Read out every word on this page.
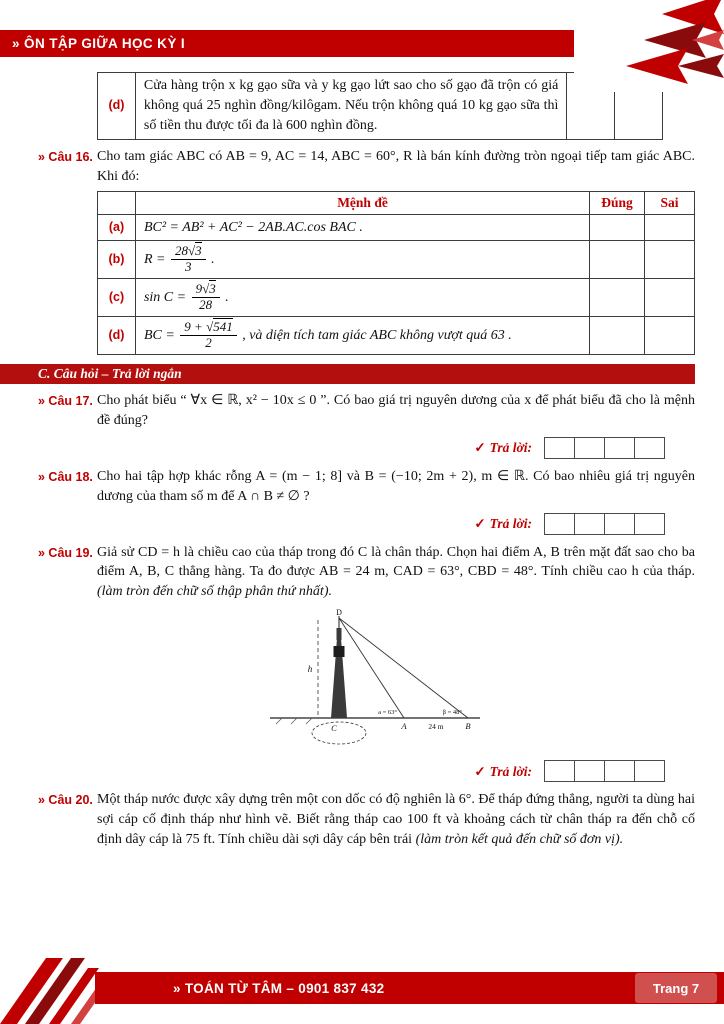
» ÔN TẬP GIỮA HỌC KỲ I
(d)	Cửa hàng trộn x kg gạo sữa và y kg gạo lứt sao cho số gạo đã trộn có giá không quá 25 nghìn đồng/kilôgam. Nếu trộn không quá 10 kg gạo sữa thì số tiền thu được tối đa là 600 nghìn đồng.		
» Câu 16. Cho tam giác ABC có AB = 9, AC = 14, ABC = 60°, R là bán kính đường tròn ngoại tiếp tam giác ABC. Khi đó:

	Mệnh đề	Đúng	Sai
(a)	BC² = AB² + AC² − 2AB.AC.cos BAC .		
(b)	$R = \frac{28 √ 3}{3}$ .		
(c)	$\sin C = \frac{9 √ 3}{28}$ .		
(d)	BC = $\frac{9 + √ 541}{2}$ , và diện tích tam giác ABC không vượt quá 63 .		
C. Câu hỏi – Trả lời ngắn
» Câu 17. Cho phát biểu “ ∀x ∈ ℝ, x² − 10x ≤ 0 ”. Có bao giá trị nguyên dương của x để phát biểu đã cho là mệnh đề đúng?

✓ Trả lời:
» Câu 18. Cho hai tập hợp khác rỗng A = (m − 1; 8] và B = (−10; 2m + 2), m ∈ ℝ. Có bao nhiêu giá trị nguyên dương của tham số m để A ∩ B ≠ ∅ ?

✓ Trả lời:
» Câu 19. Giả sử CD = h là chiều cao của tháp trong đó C là chân tháp. Chọn hai điểm A, B trên mặt đất sao cho ba điểm A, B, C thẳng hàng. Ta đo được AB = 24 m, CAD = 63°, CBD = 48°. Tính chiều cao h của tháp. (làm tròn đến chữ số thập phân thứ nhất).

D
h
a = 63°	β = 48°
C	A	24 m	B
✓ Trả lời:
» Câu 20. Một tháp nước được xây dựng trên một con dốc có độ nghiên là 6°. Để tháp đứng thẳng, người ta dùng hai sợi cáp cố định tháp như hình vẽ. Biết rằng tháp cao 100 ft và khoảng cách từ chân tháp ra đến chỗ cố định dây cáp là 75 ft. Tính chiều dài sợi dây cáp bên trái (làm tròn kết quả đến chữ số đơn vị).

» TOÁN TỪ TÂM – 0901 837 432	Trang 7
